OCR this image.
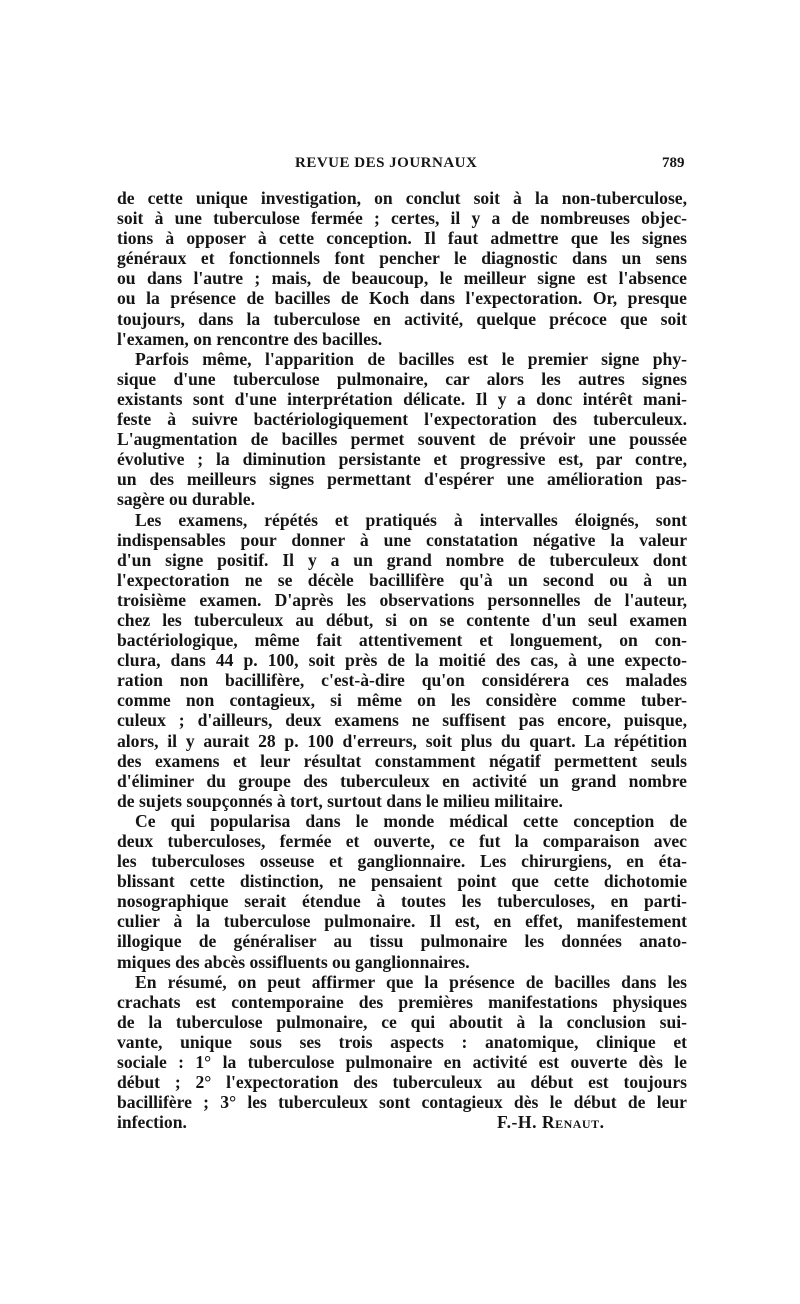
REVUE DES JOURNAUX	789
de cette unique investigation, on conclut soit à la non-tuberculose,
soit à une tuberculose fermée ; certes, il y a de nombreuses objec-
tions à opposer à cette conception. Il faut admettre que les signes
généraux et fonctionnels font pencher le diagnostic dans un sens
ou dans l'autre ; mais, de beaucoup, le meilleur signe est l'absence
ou la présence de bacilles de Koch dans l'expectoration. Or, presque
toujours, dans la tuberculose en activité, quelque précoce que soit
l'examen, on rencontre des bacilles.
Parfois même, l'apparition de bacilles est le premier signe phy-
sique d'une tuberculose pulmonaire, car alors les autres signes
existants sont d'une interprétation délicate. Il y a donc intérêt mani-
feste à suivre bactériologiquement l'expectoration des tuberculeux.
L'augmentation de bacilles permet souvent de prévoir une poussée
évolutive ; la diminution persistante et progressive est, par contre,
un des meilleurs signes permettant d'espérer une amélioration pas-
sagère ou durable.
Les examens, répétés et pratiqués à intervalles éloignés, sont
indispensables pour donner à une constatation négative la valeur
d'un signe positif. Il y a un grand nombre de tuberculeux dont
l'expectoration ne se décèle bacillifère qu'à un second ou à un
troisième examen. D'après les observations personnelles de l'auteur,
chez les tuberculeux au début, si on se contente d'un seul examen
bactériologique, même fait attentivement et longuement, on con-
clura, dans 44 p. 100, soit près de la moitié des cas, à une expecto-
ration non bacillifère, c'est-à-dire qu'on considérera ces malades
comme non contagieux, si même on les considère comme tuber-
culeux ; d'ailleurs, deux examens ne suffisent pas encore, puisque,
alors, il y aurait 28 p. 100 d'erreurs, soit plus du quart. La répétition
des examens et leur résultat constamment négatif permettent seuls
d'éliminer du groupe des tuberculeux en activité un grand nombre
de sujets soupçonnés à tort, surtout dans le milieu militaire.
Ce qui popularisa dans le monde médical cette conception de
deux tuberculoses, fermée et ouverte, ce fut la comparaison avec
les tuberculoses osseuse et ganglionnaire. Les chirurgiens, en éta-
blissant cette distinction, ne pensaient point que cette dichotomie
nosographique serait étendue à toutes les tuberculoses, en parti-
culier à la tuberculose pulmonaire. Il est, en effet, manifestement
illogique de généraliser au tissu pulmonaire les données anato-
miques des abcès ossifluents ou ganglionnaires.
En résumé, on peut affirmer que la présence de bacilles dans les
crachats est contemporaine des premières manifestations physiques
de la tuberculose pulmonaire, ce qui aboutit à la conclusion sui-
vante, unique sous ses trois aspects : anatomique, clinique et
sociale : 1° la tuberculose pulmonaire en activité est ouverte dès le
début ; 2° l'expectoration des tuberculeux au début est toujours
bacillifère ; 3° les tuberculeux sont contagieux dès le début de leur
infection.	F.-H. Renaut.
